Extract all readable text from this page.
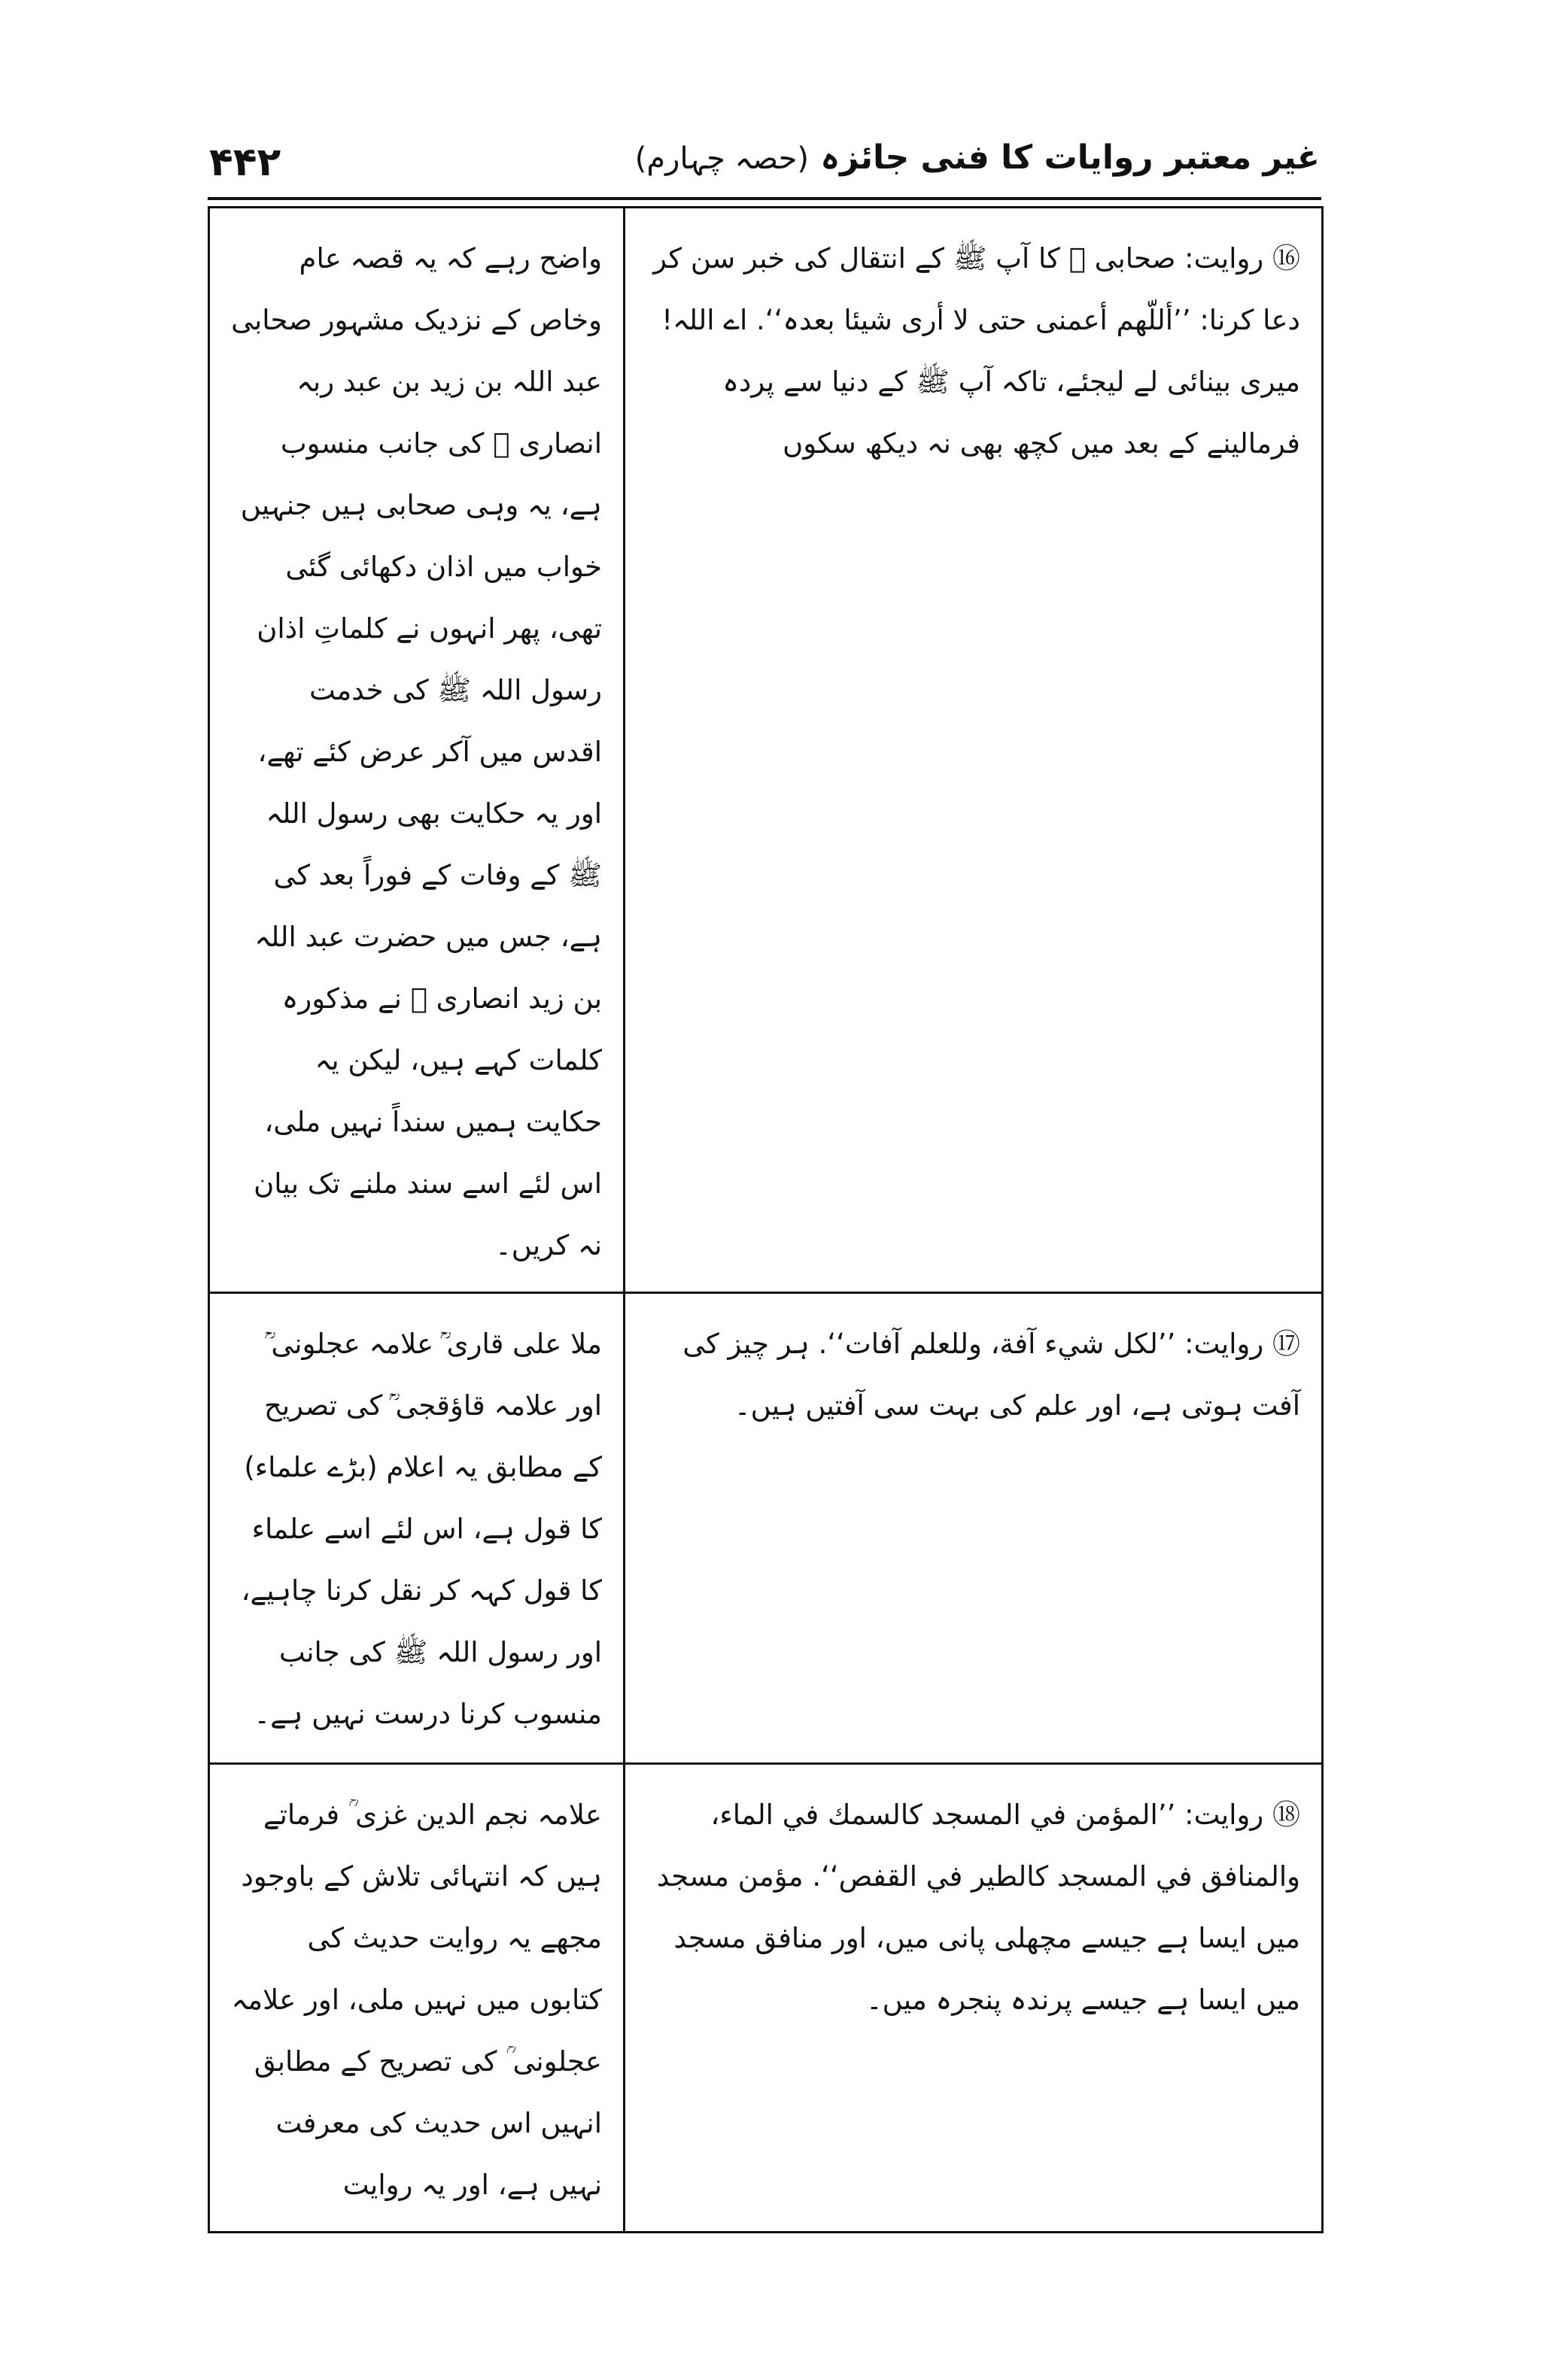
۴۴۲	غیر معتبر روایات کا فنی جائزہ (حصہ چہارم)
واضح رہے کہ یہ قصہ عام وخاص کے نزدیک مشہور صحابی عبد اللہ بن زید بن عبد ربہ انصاری ﷜ کی جانب منسوب ہے، یہ وہی صحابی ہیں جنہیں خواب میں اذان دکھائی گئی تھی، پھر انہوں نے کلماتِ اذان رسول اللہ ﷺ کی خدمت اقدس میں آکر عرض کئے تھے، اور یہ حکایت بھی رسول اللہ ﷺ کے وفات کے فوراً بعد کی ہے، جس میں حضرت عبد اللہ بن زید انصاری ﷜ نے مذکورہ کلمات کہے ہیں، لیکن یہ حکایت ہمیں سنداً نہیں ملی، اس لئے اسے سند ملنے تک بیان نہ کریں۔	⑯ روایت: صحابی ﷜ کا آپ ﷺ کے انتقال کی خبر سن کر دعا کرنا: ’’أللّھم أعمنی حتی لا أری شیئا بعدہ‘‘. اے اللہ! میری بینائی لے لیجئے، تاکہ آپ ﷺ کے دنیا سے پردہ فرمالینے کے بعد میں کچھ بھی نہ دیکھ سکوں

ملا علی قاری ؒ علامہ عجلونی ؒ اور علامہ قاؤقجی ؒ کی تصریح کے مطابق یہ اعلام (بڑے علماء) کا قول ہے، اس لئے اسے علماء کا قول کہہ کر نقل کرنا چاہیے، اور رسول اللہ ﷺ کی جانب منسوب کرنا درست نہیں ہے۔	⑰ روایت: ’’لکل شيء آفة، وللعلم آفات‘‘. ہر چیز کی آفت ہوتی ہے، اور علم کی بہت سی آفتیں ہیں۔

علامہ نجم الدین غزی ؒ فرماتے ہیں کہ انتہائی تلاش کے باوجود مجھے یہ روایت حدیث کی کتابوں میں نہیں ملی، اور علامہ عجلونی ؒ کی تصریح کے مطابق انہیں اس حدیث کی معرفت نہیں ہے، اور یہ روایت	⑱ روایت: ’’المؤمن في المسجد کالسمك في الماء، والمنافق في المسجد کالطیر في القفص‘‘. مؤمن مسجد میں ایسا ہے جیسے مچھلی پانی میں، اور منافق مسجد میں ایسا ہے جیسے پرندہ پنجرہ میں۔
